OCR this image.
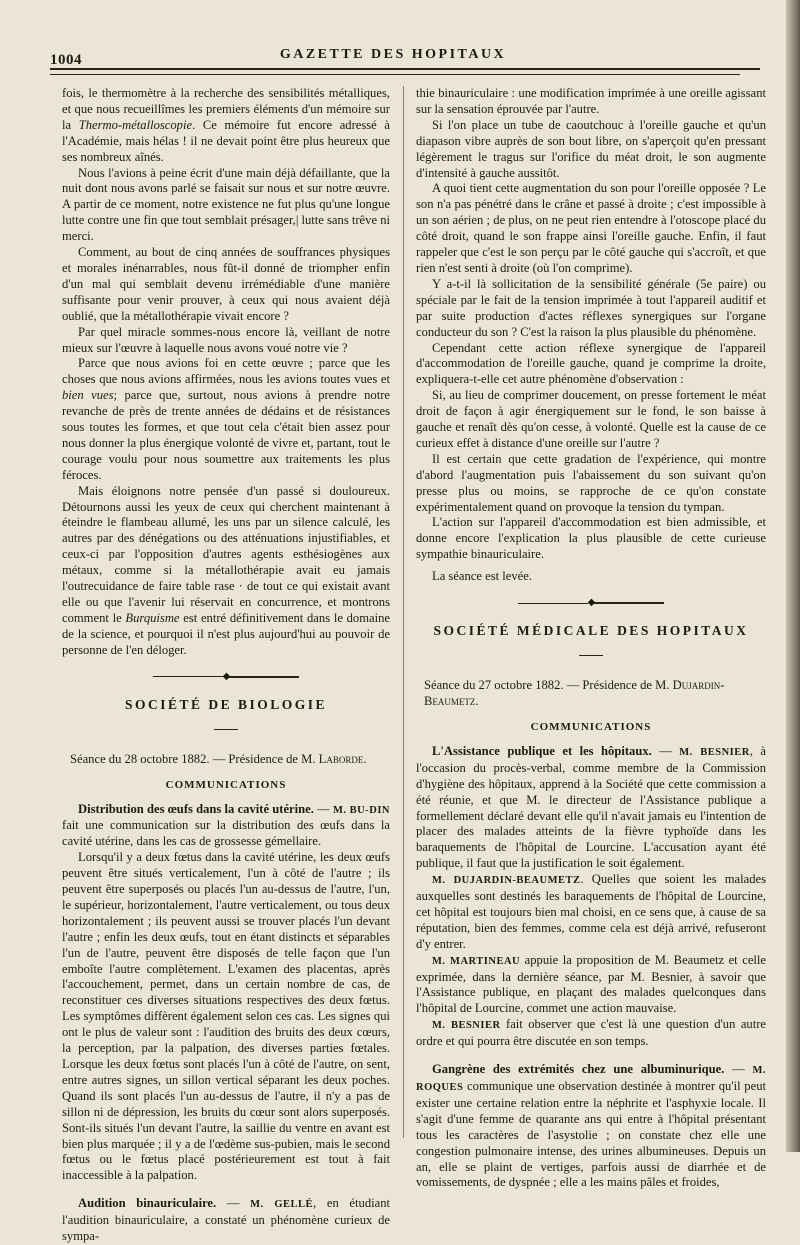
1004	GAZETTE DES HOPITAUX

fois, le thermomètre à la recherche des sensibilités métalliques, et que nous recueillîmes les premiers éléments d'un mémoire sur la Thermo-métalloscopie. Ce mémoire fut encore adressé à l'Académie, mais hélas ! il ne devait point être plus heureux que ses nombreux aînés.

Nous l'avions à peine écrit d'une main déjà défaillante, que la nuit dont nous avons parlé se faisait sur nous et sur notre œuvre. A partir de ce moment, notre existence ne fut plus qu'une longue lutte contre une fin que tout semblait présager,| lutte sans trêve ni merci.

Comment, au bout de cinq années de souffrances physiques et morales inénarrables, nous fût-il donné de triompher enfin d'un mal qui semblait devenu irrémédiable d'une manière suffisante pour venir prouver, à ceux qui nous avaient déjà oublié, que la métallothérapie vivait encore ?

Par quel miracle sommes-nous encore là, veillant de notre mieux sur l'œuvre à laquelle nous avons voué notre vie ?

Parce que nous avions foi en cette œuvre ; parce que les choses que nous avions affirmées, nous les avions toutes vues et bien vues; parce que, surtout, nous avions à prendre notre revanche de près de trente années de dédains et de résistances sous toutes les formes, et que tout cela c'était bien assez pour nous donner la plus énergique volonté de vivre et, partant, tout le courage voulu pour nous soumettre aux traitements les plus féroces.

Mais éloignons notre pensée d'un passé si douloureux. Détournons aussi les yeux de ceux qui cherchent maintenant à éteindre le flambeau allumé, les uns par un silence calculé, les autres par des dénégations ou des atténuations injustifiables, et ceux-ci par l'opposition d'autres agents esthésiogènes aux métaux, comme si la métallothérapie avait eu jamais l'outrecuidance de faire table rase · de tout ce qui existait avant elle ou que l'avenir lui réservait en concurrence, et montrons comment le Burquisme est entré définitivement dans le domaine de la science, et pourquoi il n'est plus aujourd'hui au pouvoir de personne de l'en déloger.

◆
SOCIÉTÉ DE BIOLOGIE

Séance du 28 octobre 1882. — Présidence de M. Laborde.

COMMUNICATIONS

Distribution des œufs dans la cavité utérine. — M. BU-DIN fait une communication sur la distribution des œufs dans la cavité utérine, dans les cas de grossesse gémellaire.

Lorsqu'il y a deux fœtus dans la cavité utérine, les deux œufs peuvent être situés verticalement, l'un à côté de l'autre ; ils peuvent être superposés ou placés l'un au-dessus de l'autre, l'un, le supérieur, horizontalement, l'autre verticalement, ou tous deux horizontalement ; ils peuvent aussi se trouver placés l'un devant l'autre ; enfin les deux œufs, tout en étant distincts et séparables l'un de l'autre, peuvent être disposés de telle façon que l'un emboîte l'autre complètement. L'examen des placentas, après l'accouchement, permet, dans un certain nombre de cas, de reconstituer ces diverses situations respectives des deux fœtus. Les symptômes diffèrent également selon ces cas. Les signes qui ont le plus de valeur sont : l'audition des bruits des deux cœurs, la perception, par la palpation, des diverses parties fœtales. Lorsque les deux fœtus sont placés l'un à côté de l'autre, on sent, entre autres signes, un sillon vertical séparant les deux poches. Quand ils sont placés l'un au-dessus de l'autre, il n'y a pas de sillon ni de dépression, les bruits du cœur sont alors superposés. Sont-ils situés l'un devant l'autre, la saillie du ventre en avant est bien plus marquée ; il y a de l'œdème sus-pubien, mais le second fœtus ou le fœtus placé postérieurement est tout à fait inaccessible à la palpation.

Audition binauriculaire. — M. GELLÉ, en étudiant l'audition binauriculaire, a constaté un phénomène curieux de sympa-

thie binauriculaire : une modification imprimée à une oreille agissant sur la sensation éprouvée par l'autre.

Si l'on place un tube de caoutchouc à l'oreille gauche et qu'un diapason vibre auprès de son bout libre, on s'aperçoit qu'en pressant légèrement le tragus sur l'orifice du méat droit, le son augmente d'intensité à gauche aussitôt.

A quoi tient cette augmentation du son pour l'oreille opposée ? Le son n'a pas pénétré dans le crâne et passé à droite ; c'est impossible à un son aérien ; de plus, on ne peut rien entendre à l'otoscope placé du côté droit, quand le son frappe ainsi l'oreille gauche. Enfin, il faut rappeler que c'est le son perçu par le côté gauche qui s'accroît, et que rien n'est senti à droite (où l'on comprime).

Y a-t-il là sollicitation de la sensibilité générale (5e paire) ou spéciale par le fait de la tension imprimée à tout l'appareil auditif et par suite production d'actes réflexes synergiques sur l'organe conducteur du son ? C'est la raison la plus plausible du phénomène.

Cependant cette action réflexe synergique de l'appareil d'accommodation de l'oreille gauche, quand je comprime la droite, expliquera-t-elle cet autre phénomène d'observation :

Si, au lieu de comprimer doucement, on presse fortement le méat droit de façon à agir énergiquement sur le fond, le son baisse à gauche et renaît dès qu'on cesse, à volonté. Quelle est la cause de ce curieux effet à distance d'une oreille sur l'autre ?

Il est certain que cette gradation de l'expérience, qui montre d'abord l'augmentation puis l'abaissement du son suivant qu'on presse plus ou moins, se rapproche de ce qu'on constate expérimentalement quand on provoque la tension du tympan.

L'action sur l'appareil d'accommodation est bien admissible, et donne encore l'explication la plus plausible de cette curieuse sympathie binauriculaire.

La séance est levée.

◆
SOCIÉTÉ MÉDICALE DES HOPITAUX

Séance du 27 octobre 1882. — Présidence de M. Dujardin-Beaumetz.

COMMUNICATIONS

L'Assistance publique et les hôpitaux. — M. BESNIER, à l'occasion du procès-verbal, comme membre de la Commission d'hygiène des hôpitaux, apprend à la Société que cette commission a été réunie, et que M. le directeur de l'Assistance publique a formellement déclaré devant elle qu'il n'avait jamais eu l'intention de placer des malades atteints de la fièvre typhoïde dans les baraquements de l'hôpital de Lourcine. L'accusation ayant été publique, il faut que la justification le soit également.

M. DUJARDIN-BEAUMETZ. Quelles que soient les malades auxquelles sont destinés les baraquements de l'hôpital de Lourcine, cet hôpital est toujours bien mal choisi, en ce sens que, à cause de sa réputation, bien des femmes, comme cela est déjà arrivé, refuseront d'y entrer.

M. MARTINEAU appuie la proposition de M. Beaumetz et celle exprimée, dans la dernière séance, par M. Besnier, à savoir que l'Assistance publique, en plaçant des malades quelconques dans l'hôpital de Lourcine, commet une action mauvaise.

M. BESNIER fait observer que c'est là une question d'un autre ordre et qui pourra être discutée en son temps.

Gangrène des extrémités chez une albuminurique. — M. ROQUES communique une observation destinée à montrer qu'il peut exister une certaine relation entre la néphrite et l'asphyxie locale. Il s'agit d'une femme de quarante ans qui entre à l'hôpital présentant tous les caractères de l'asystolie ; on constate chez elle une congestion pulmonaire intense, des urines albumineuses. Depuis un an, elle se plaint de vertiges, parfois aussi de diarrhée et de vomissements, de dyspnée ; elle a les mains pâles et froides,
